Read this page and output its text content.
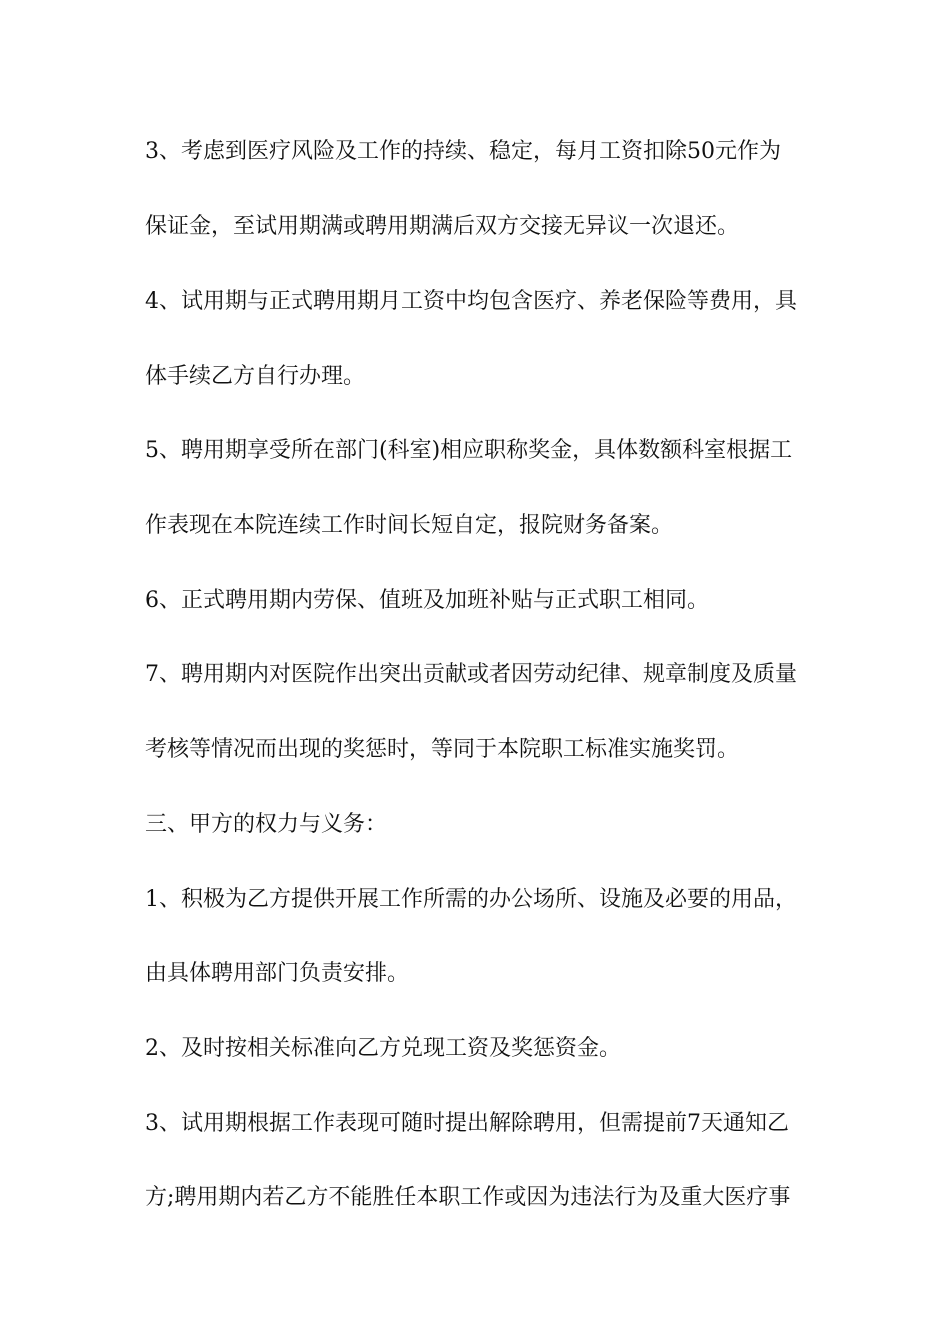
3、考虑到医疗风险及工作的持续、稳定，每月工资扣除50元作为
保证金，至试用期满或聘用期满后双方交接无异议一次退还。
4、试用期与正式聘用期月工资中均包含医疗、养老保险等费用，具
体手续乙方自行办理。
5、聘用期享受所在部门(科室)相应职称奖金，具体数额科室根据工
作表现在本院连续工作时间长短自定，报院财务备案。
6、正式聘用期内劳保、值班及加班补贴与正式职工相同。
7、聘用期内对医院作出突出贡献或者因劳动纪律、规章制度及质量
考核等情况而出现的奖惩时，等同于本院职工标准实施奖罚。
三、甲方的权力与义务：
1、积极为乙方提供开展工作所需的办公场所、设施及必要的用品，
由具体聘用部门负责安排。
2、及时按相关标准向乙方兑现工资及奖惩资金。
3、试用期根据工作表现可随时提出解除聘用，但需提前7天通知乙
方;聘用期内若乙方不能胜任本职工作或因为违法行为及重大医疗事
